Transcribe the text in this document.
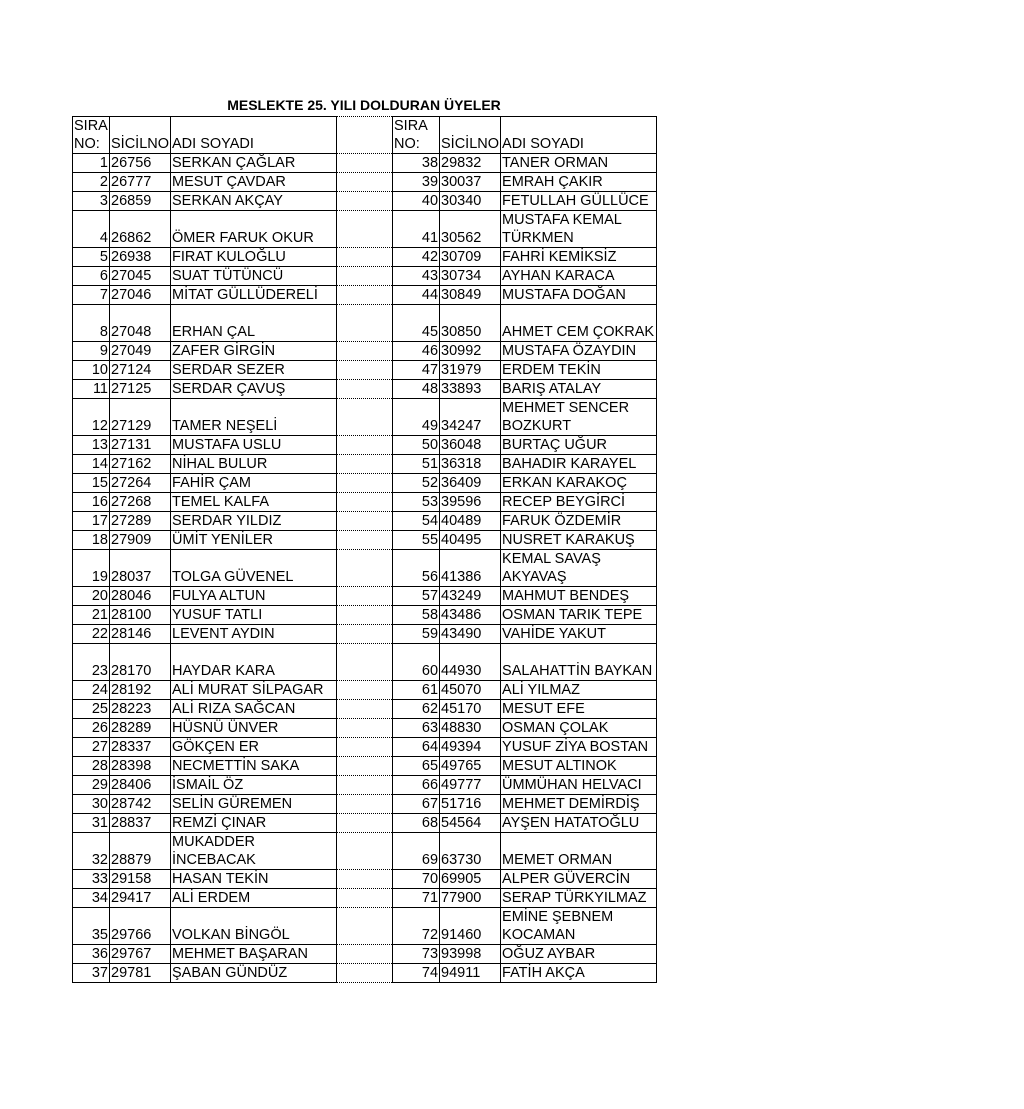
MESLEKTE 25. YILI DOLDURAN ÜYELER
SIRA NO:	SİCİLNO	ADI SOYADI		SIRA NO:	SİCİLNO	ADI SOYADI
1	26756	SERKAN ÇAĞLAR		38	29832	TANER ORMAN
2	26777	MESUT ÇAVDAR		39	30037	EMRAH ÇAKIR
3	26859	SERKAN AKÇAY		40	30340	FETULLAH GÜLLÜCE
4	26862	ÖMER FARUK OKUR		41	30562	MUSTAFA KEMAL TÜRKMEN
5	26938	FIRAT KULOĞLU		42	30709	FAHRİ KEMİKSİZ
6	27045	SUAT TÜTÜNCÜ		43	30734	AYHAN KARACA
7	27046	MİTAT GÜLLÜDERELİ		44	30849	MUSTAFA DOĞAN
8	27048	ERHAN ÇAL		45	30850	AHMET CEM ÇOKRAK
9	27049	ZAFER GİRGİN		46	30992	MUSTAFA ÖZAYDIN
10	27124	SERDAR SEZER		47	31979	ERDEM TEKİN
11	27125	SERDAR ÇAVUŞ		48	33893	BARIŞ ATALAY
12	27129	TAMER NEŞELİ		49	34247	MEHMET SENCER BOZKURT
13	27131	MUSTAFA USLU		50	36048	BURTAÇ UĞUR
14	27162	NİHAL BULUR		51	36318	BAHADIR KARAYEL
15	27264	FAHİR ÇAM		52	36409	ERKAN KARAKOÇ
16	27268	TEMEL KALFA		53	39596	RECEP BEYGİRCİ
17	27289	SERDAR YILDIZ		54	40489	FARUK ÖZDEMİR
18	27909	ÜMİT YENİLER		55	40495	NUSRET KARAKUŞ
19	28037	TOLGA GÜVENEL		56	41386	KEMAL SAVAŞ AKYAVAŞ
20	28046	FULYA ALTUN		57	43249	MAHMUT BENDEŞ
21	28100	YUSUF TATLI		58	43486	OSMAN TARIK TEPE
22	28146	LEVENT AYDIN		59	43490	VAHİDE YAKUT
23	28170	HAYDAR KARA		60	44930	SALAHATTİN BAYKAN
24	28192	ALİ MURAT SİLPAGAR		61	45070	ALİ YILMAZ
25	28223	ALİ RIZA SAĞCAN		62	45170	MESUT EFE
26	28289	HÜSNÜ ÜNVER		63	48830	OSMAN ÇOLAK
27	28337	GÖKÇEN ER		64	49394	YUSUF ZİYA BOSTAN
28	28398	NECMETTİN SAKA		65	49765	MESUT ALTINOK
29	28406	İSMAİL ÖZ		66	49777	ÜMMÜHAN HELVACI
30	28742	SELİN GÜREMEN		67	51716	MEHMET DEMİRDİŞ
31	28837	REMZİ ÇINAR		68	54564	AYŞEN HATATOĞLU
32	28879	MUKADDER İNCEBACAK		69	63730	MEMET ORMAN
33	29158	HASAN TEKİN		70	69905	ALPER GÜVERCİN
34	29417	ALİ ERDEM		71	77900	SERAP TÜRKYILMAZ
35	29766	VOLKAN BİNGÖL		72	91460	EMİNE ŞEBNEM KOCAMAN
36	29767	MEHMET BAŞARAN		73	93998	OĞUZ AYBAR
37	29781	ŞABAN GÜNDÜZ		74	94911	FATİH AKÇA
